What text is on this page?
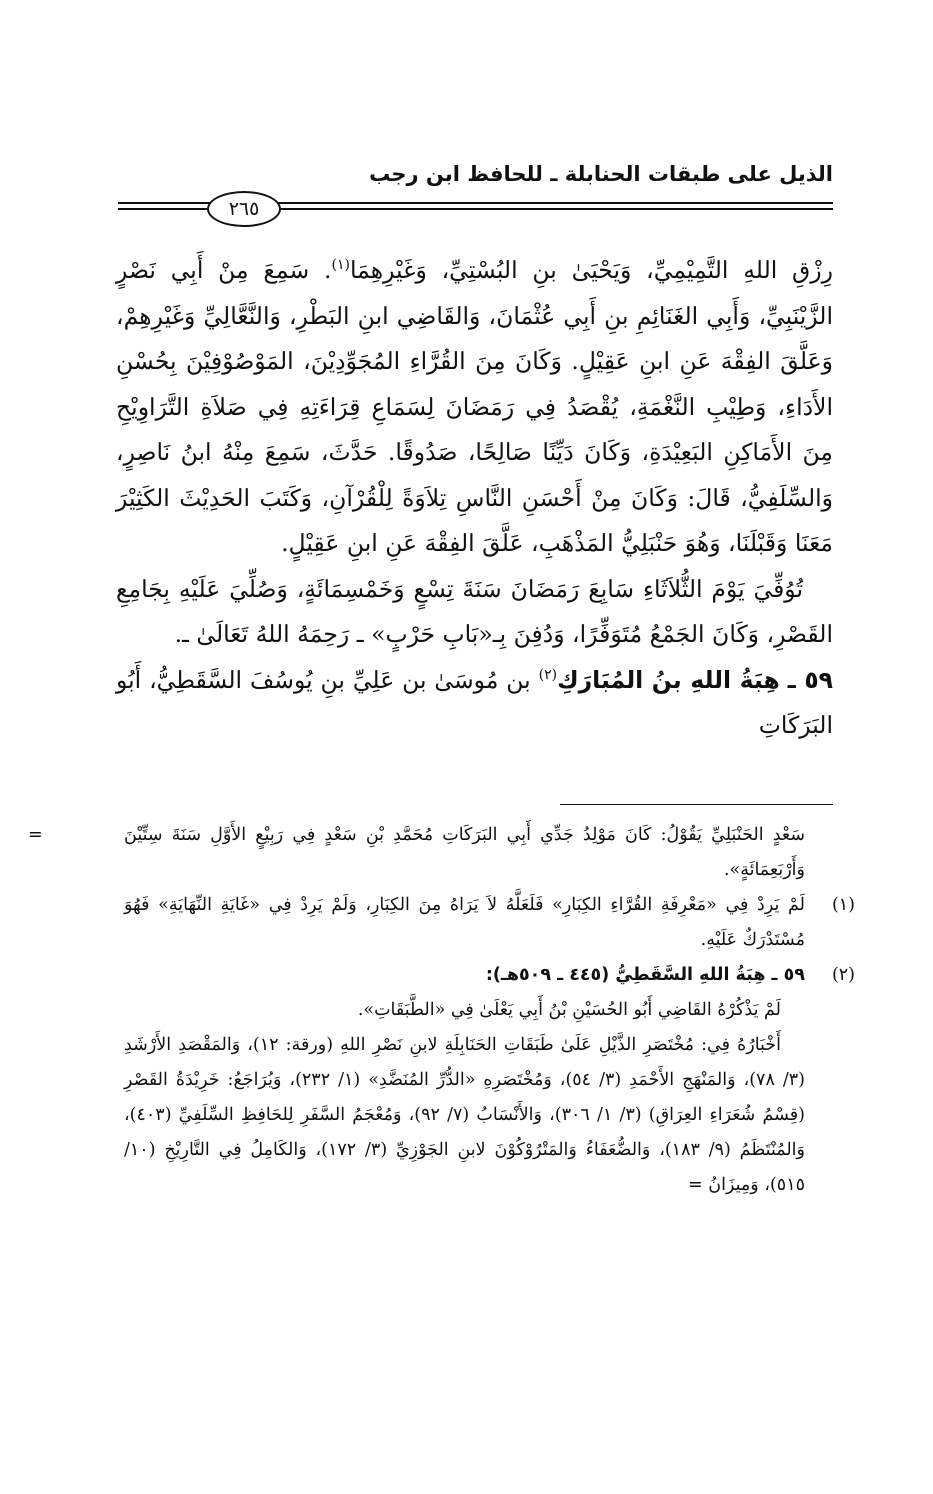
الذيل على طبقات الحنابلة ـ للحافظ ابن رجب
٢٦٥

رِزْقِ اللهِ التَّمِيْمِيِّ، وَيَحْيَىٰ بنِ البُسْتِيِّ، وَغَيْرِهِمَا$^{(١)}$. سَمِعَ مِنْ أَبِي نَصْرٍ الزَّيْنَبِيِّ، وَأَبِي الغَنَائِمِ بنِ أَبِي عُثْمَانَ، وَالقَاضِي ابنِ البَطْرِ، وَالنَّعَّالِيِّ وَغَيْرِهِمْ، وَعَلَّقَ الفِقْهَ عَنِ ابنِ عَقِيْلٍ. وَكَانَ مِنَ القُرَّاءِ المُجَوِّدِيْنَ، المَوْصُوْفِيْنَ بِحُسْنِ الأَدَاءِ، وَطِيْبِ النَّغْمَةِ، يُقْصَدُ فِي رَمَضَانَ لِسَمَاعِ قِرَاءَتِهِ فِي صَلاَةِ التَّرَاوِيْحِ مِنَ الأَمَاكِنِ البَعِيْدَةِ، وَكَانَ دَيِّنًا صَالِحًا، صَدُوقًا. حَدَّثَ، سَمِعَ مِنْهُ ابنُ نَاصِرٍ، وَالسِّلَفِيُّ، قَالَ: وَكَانَ مِنْ أَحْسَنِ النَّاسِ تِلاَوَةً لِلْقُرْآنِ، وَكَتَبَ الحَدِيْثَ الكَثِيْرَ مَعَنَا وَقَبْلَنَا، وَهُوَ حَنْبَلِيُّ المَذْهَبِ، عَلَّقَ الفِقْهَ عَنِ ابنِ عَقِيْلٍ.

تُوُفِّيَ يَوْمَ الثُّلاَثَاءِ سَابِعَ رَمَضَانَ سَنَةَ تِسْعٍ وَخَمْسِمَائَةٍ، وَصُلِّيَ عَلَيْهِ بِجَامِعِ القَصْرِ، وَكَانَ الجَمْعُ مُتَوَفِّرًا، وَدُفِنَ بِـ«بَابِ حَرْبٍ» ـ رَحِمَهُ اللهُ تَعَالَىٰ ـ.

٥٩ ـ هِبَةُ اللهِ بنُ المُبَارَكِ$^{(٢)}$ بن مُوسَىٰ بن عَلِيِّ بنِ يُوسُفَ السَّقَطِيُّ، أَبُو البَرَكَاتِ

=	سَعْدٍ الحَنْبَلِيِّ يَقُوْلُ: كَانَ مَوْلِدُ جَدِّي أَبِي البَرَكَاتِ مُحَمَّدِ بْنِ سَعْدٍ فِي رَبِيْعٍ الأَوَّلِ سَنَةَ سِتِّيْنَ وَأَرْبَعِمَائَةٍ».

(١)

لَمْ يَرِدْ فِي «مَعْرِفَةِ القُرَّاءِ الكِبَارِ» فَلَعَلَّهُ لاَ يَرَاهُ مِنَ الكِبَارِ، وَلَمْ يَرِدْ فِي «غَايَةِ النِّهَايَةِ» فَهُوَ مُسْتَدْرَكٌ عَلَيْهِ.

(٢)

٥٩ ـ هِبَةُ اللهِ السَّقَطِيُّ (٤٤٥ ـ ٥٠٩هـ):

لَمْ يَذْكُرْهُ القَاضِي أَبُو الحُسَيْنِ بْنُ أَبِي يَعْلَىٰ فِي «الطَّبَقَاتِ».

أَخْبَارُهُ فِي: مُخْتَصَرِ الذَّيْلِ عَلَىٰ طَبَقَاتِ الحَنَابِلَةِ لابنِ نَصْرِ اللهِ (ورقة: ١٢)، وَالمَقْصَدِ الأَرْشَدِ (٣/ ٧٨)، وَالمَنْهَجِ الأَحْمَدِ (٣/ ٥٤)، وَمُخْتَصَرِهِ «الدُّرِّ المُنَضَّدِ» (١/ ٢٣٢)، وَيُرَاجَعُ: خَرِيْدَةُ القَصْرِ (قِسْمُ شُعَرَاءِ العِرَاقِ) (٣/ ١/ ٣٠٦)، وَالأَنْسَابُ (٧/ ٩٢)، وَمُعْجَمُ السَّفَرِ لِلحَافِظِ السِّلَفِيِّ (٤٠٣)، وَالمُنْتَظَمُ (٩/ ١٨٣)، وَالضُّعَفَاءُ وَالمَتْرُوْكُوْنَ لابنِ الجَوْزِيِّ (٣/ ١٧٢)، وَالكَامِلُ فِي التَّارِيْخِ (١٠/ ٥١٥)، وَمِيزَانُ =
